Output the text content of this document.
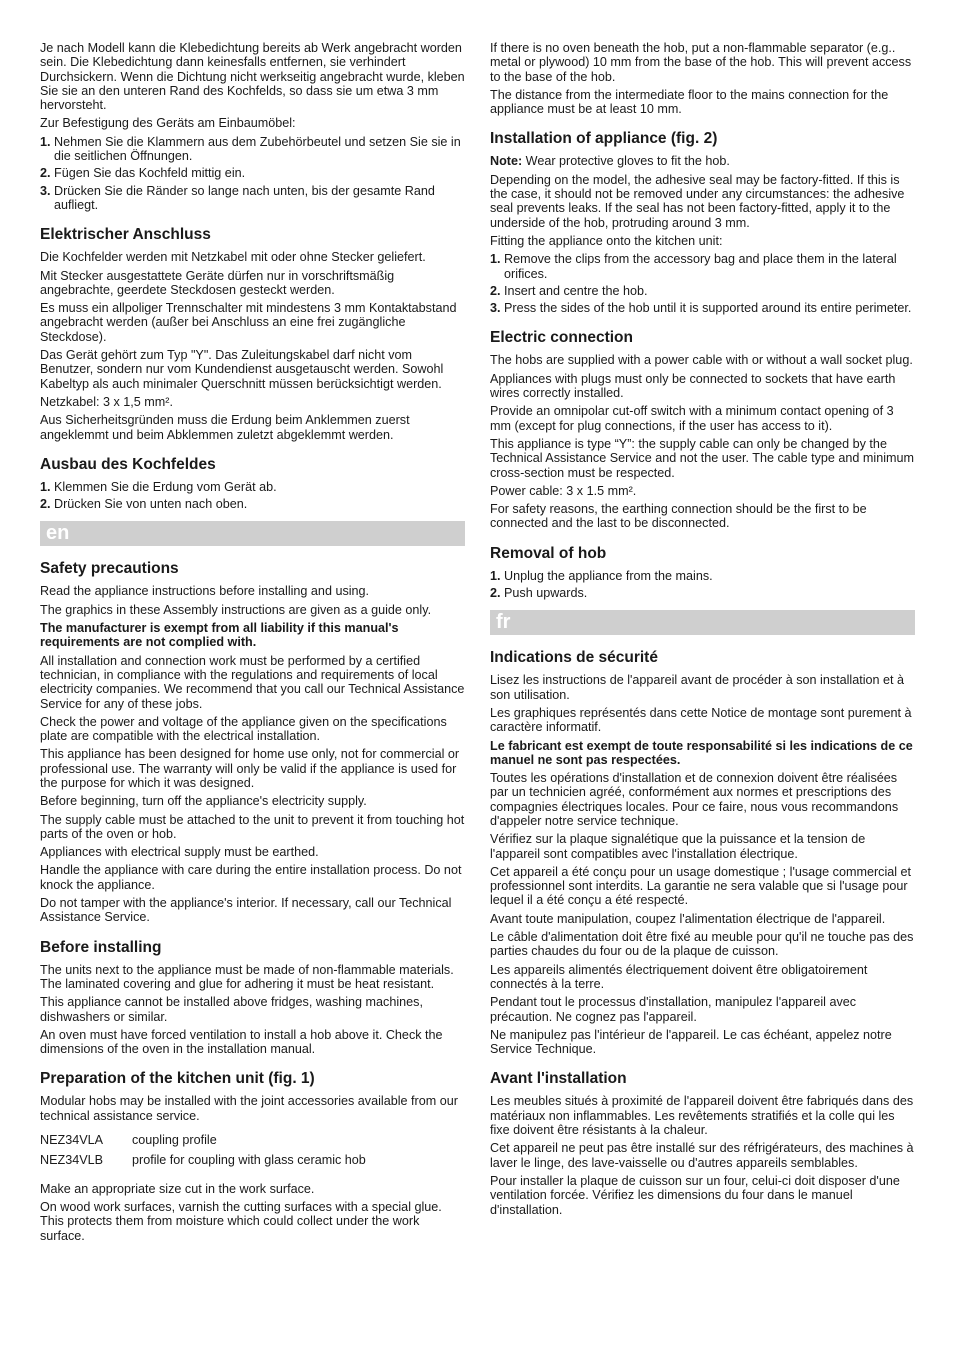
Je nach Modell kann die Klebedichtung bereits ab Werk angebracht worden sein. Die Klebedichtung dann keinesfalls entfernen, sie verhindert Durchsickern. Wenn die Dichtung nicht werkseitig angebracht wurde, kleben Sie sie an den unteren Rand des Kochfelds, so dass sie um etwa 3 mm hervorsteht.

Zur Befestigung des Geräts am Einbaumöbel:

1. Nehmen Sie die Klammern aus dem Zubehörbeutel und setzen Sie sie in die seitlichen Öffnungen.
2. Fügen Sie das Kochfeld mittig ein.
3. Drücken Sie die Ränder so lange nach unten, bis der gesamte Rand aufliegt.
Elektrischer Anschluss

Die Kochfelder werden mit Netzkabel mit oder ohne Stecker geliefert.

Mit Stecker ausgestattete Geräte dürfen nur in vorschriftsmäßig angebrachte, geerdete Steckdosen gesteckt werden.

Es muss ein allpoliger Trennschalter mit mindestens 3 mm Kontaktabstand angebracht werden (außer bei Anschluss an eine frei zugängliche Steckdose).

Das Gerät gehört zum Typ "Y". Das Zuleitungskabel darf nicht vom Benutzer, sondern nur vom Kundendienst ausgetauscht werden. Sowohl Kabeltyp als auch minimaler Querschnitt müssen berücksichtigt werden.

Netzkabel: 3 x 1,5 mm².

Aus Sicherheitsgründen muss die Erdung beim Anklemmen zuerst angeklemmt und beim Abklemmen zuletzt abgeklemmt werden.

Ausbau des Kochfeldes
1. Klemmen Sie die Erdung vom Gerät ab.
2. Drücken Sie von unten nach oben.
en
Safety precautions

Read the appliance instructions before installing and using.

The graphics in these Assembly instructions are given as a guide only.

The manufacturer is exempt from all liability if this manual's requirements are not complied with.

All installation and connection work must be performed by a certified technician, in compliance with the regulations and requirements of local electricity companies. We recommend that you call our Technical Assistance Service for any of these jobs.

Check the power and voltage of the appliance given on the specifications plate are compatible with the electrical installation.

This appliance has been designed for home use only, not for commercial or professional use. The warranty will only be valid if the appliance is used for the purpose for which it was designed.

Before beginning, turn off the appliance's electricity supply.

The supply cable must be attached to the unit to prevent it from touching hot parts of the oven or hob.

Appliances with electrical supply must be earthed.

Handle the appliance with care during the entire installation process. Do not knock the appliance.

Do not tamper with the appliance's interior. If necessary, call our Technical Assistance Service.

Before installing

The units next to the appliance must be made of non-flammable materials. The laminated covering and glue for adhering it must be heat resistant.

This appliance cannot be installed above fridges, washing machines, dishwashers or similar.

An oven must have forced ventilation to install a hob above it. Check the dimensions of the oven in the installation manual.

Preparation of the kitchen unit (fig. 1)

Modular hobs may be installed with the joint accessories available from our technical assistance service.

NEZ34VLA	coupling profile
NEZ34VLB	profile for coupling with glass ceramic hob

Make an appropriate size cut in the work surface.

On wood work surfaces, varnish the cutting surfaces with a special glue. This protects them from moisture which could collect under the work surface.

If there is no oven beneath the hob, put a non-flammable separator (e.g.. metal or plywood) 10 mm from the base of the hob. This will prevent access to the base of the hob.

The distance from the intermediate floor to the mains connection for the appliance must be at least 10 mm.

Installation of appliance (fig. 2)

Note: Wear protective gloves to fit the hob.

Depending on the model, the adhesive seal may be factory-fitted. If this is the case, it should not be removed under any circumstances: the adhesive seal prevents leaks. If the seal has not been factory-fitted, apply it to the underside of the hob, protruding around 3 mm.

Fitting the appliance onto the kitchen unit:

1. Remove the clips from the accessory bag and place them in the lateral orifices.
2. Insert and centre the hob.
3. Press the sides of the hob until it is supported around its entire perimeter.
Electric connection

The hobs are supplied with a power cable with or without a wall socket plug.

Appliances with plugs must only be connected to sockets that have earth wires correctly installed.

Provide an omnipolar cut-off switch with a minimum contact opening of 3 mm (except for plug connections, if the user has access to it).

This appliance is type “Y”: the supply cable can only be changed by the Technical Assistance Service and not the user. The cable type and minimum cross-section must be respected.

Power cable: 3 x 1.5 mm².

For safety reasons, the earthing connection should be the first to be connected and the last to be disconnected.

Removal of hob
1. Unplug the appliance from the mains.
2. Push upwards.
fr
Indications de sécurité

Lisez les instructions de l'appareil avant de procéder à son installation et à son utilisation.

Les graphiques représentés dans cette Notice de montage sont purement à caractère informatif.

Le fabricant est exempt de toute responsabilité si les indications de ce manuel ne sont pas respectées.

Toutes les opérations d'installation et de connexion doivent être réalisées par un technicien agréé, conformément aux normes et prescriptions des compagnies électriques locales. Pour ce faire, nous vous recommandons d'appeler notre service technique.

Vérifiez sur la plaque signalétique que la puissance et la tension de l'appareil sont compatibles avec l'installation électrique.

Cet appareil a été conçu pour un usage domestique ; l'usage commercial et professionnel sont interdits. La garantie ne sera valable que si l'usage pour lequel il a été conçu a été respecté.

Avant toute manipulation, coupez l'alimentation électrique de l'appareil.

Le câble d'alimentation doit être fixé au meuble pour qu'il ne touche pas des parties chaudes du four ou de la plaque de cuisson.

Les appareils alimentés électriquement doivent être obligatoirement connectés à la terre.

Pendant tout le processus d'installation, manipulez l'appareil avec précaution. Ne cognez pas l'appareil.

Ne manipulez pas l'intérieur de l'appareil. Le cas échéant, appelez notre Service Technique.

Avant l'installation

Les meubles situés à proximité de l'appareil doivent être fabriqués dans des matériaux non inflammables. Les revêtements stratifiés et la colle qui les fixe doivent être résistants à la chaleur.

Cet appareil ne peut pas être installé sur des réfrigérateurs, des machines à laver le linge, des lave-vaisselle ou d'autres appareils semblables.

Pour installer la plaque de cuisson sur un four, celui-ci doit disposer d'une ventilation forcée. Vérifiez les dimensions du four dans le manuel d'installation.
